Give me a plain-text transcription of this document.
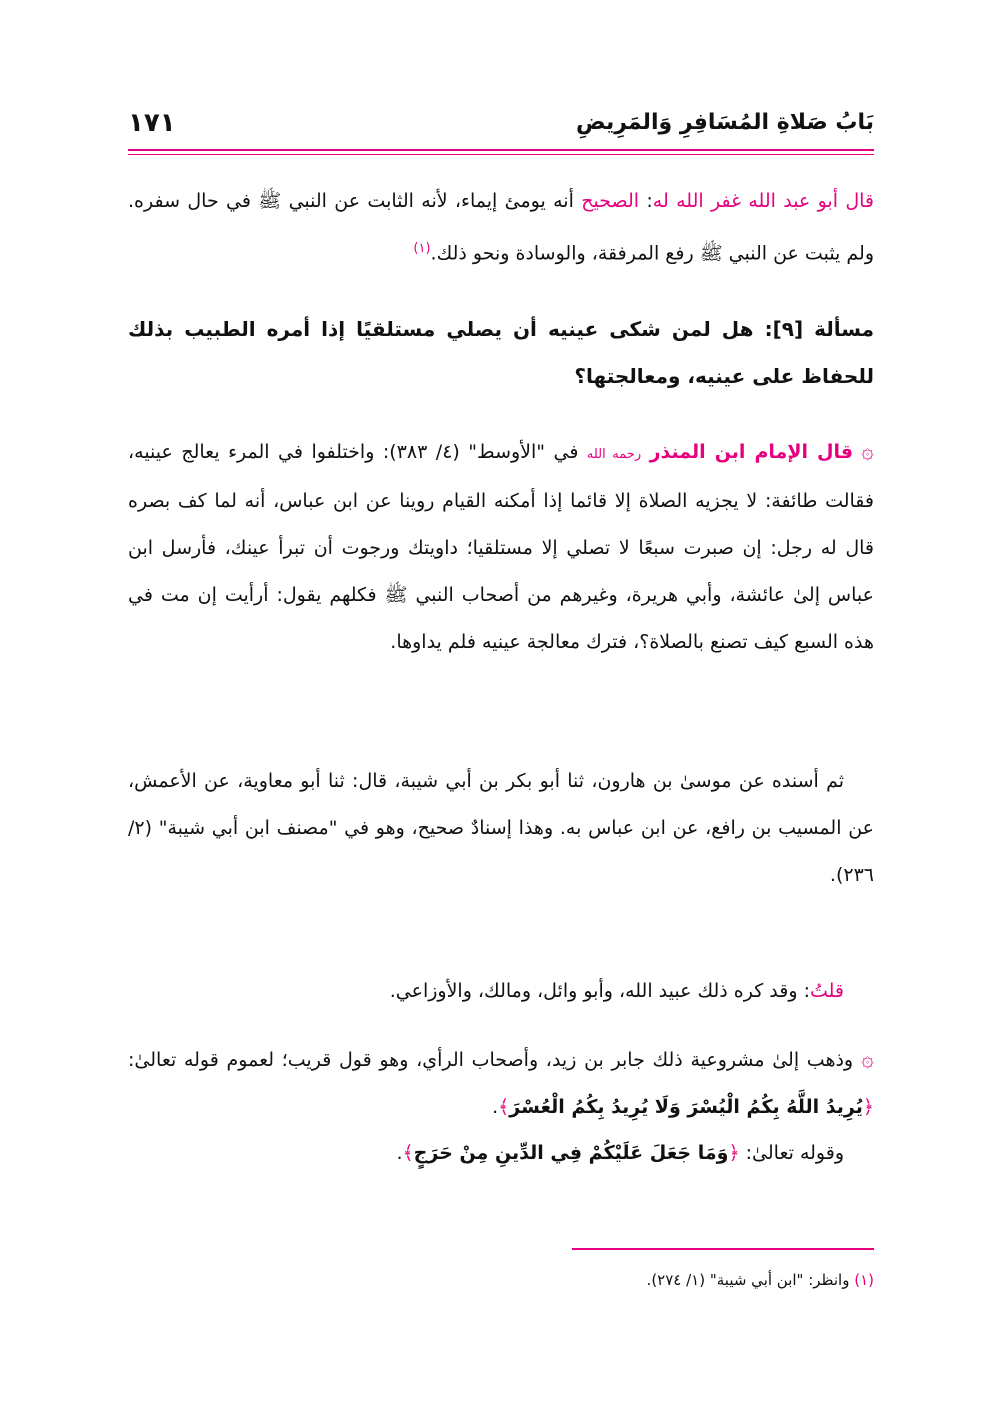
١٧١	بَابُ صَلاةِ المُسَافِرِ وَالمَرِيضِ
قال أبو عبد الله غفر الله له: الصحيح أنه يومئ إيماء، لأنه الثابت عن النبي ﷺ في حال سفره. ولم يثبت عن النبي ﷺ رفع المرفقة، والوسادة ونحو ذلك.$^{(١)}$
مسألة [٩]: هل لمن شكى عينيه أن يصلي مستلقيًا إذا أمره الطبيب بذلك للحفاظ على عينيه، ومعالجتها؟
۞قال الإمام ابن المنذر رحمه الله في "الأوسط" (٤/ ٣٨٣): واختلفوا في المرء يعالج عينيه، فقالت طائفة: لا يجزيه الصلاة إلا قائما إذا أمكنه القيام روينا عن ابن عباس، أنه لما كف بصره قال له رجل: إن صبرت سبعًا لا تصلي إلا مستلقيا؛ داويتك ورجوت أن تبرأ عينك، فأرسل ابن عباس إلىٰ عائشة، وأبي هريرة، وغيرهم من أصحاب النبي ﷺ فكلهم يقول: أرأيت إن مت في هذه السبع كيف تصنع بالصلاة؟، فترك معالجة عينيه فلم يداوها.
ثم أسنده عن موسىٰ بن هارون، ثنا أبو بكر بن أبي شيبة، قال: ثنا أبو معاوية، عن الأعمش، عن المسيب بن رافع، عن ابن عباس به. وهذا إسنادٌ صحيح، وهو في "مصنف ابن أبي شيبة" (٢/ ٢٣٦).
قلتُ: وقد كره ذلك عبيد الله، وأبو وائل، ومالك، والأوزاعي.
۞وذهب إلىٰ مشروعية ذلك جابر بن زيد، وأصحاب الرأي، وهو قول قريب؛ لعموم قوله تعالىٰ: ﴿يُرِيدُ اللَّهُ بِكُمُ الْيُسْرَ وَلَا يُرِيدُ بِكُمُ الْعُسْرَ﴾.
وقوله تعالىٰ: ﴿وَمَا جَعَلَ عَلَيْكُمْ فِي الدِّينِ مِنْ حَرَجٍ﴾.
(١) وانظر: "ابن أبي شيبة" (١/ ٢٧٤).
